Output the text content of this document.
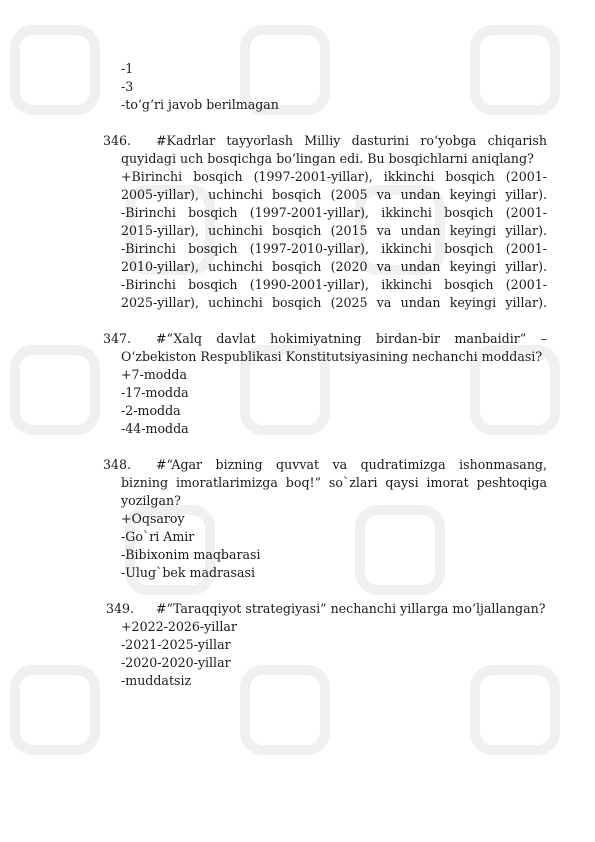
-1
-3
-to‘g‘ri javob berilmagan
346. #Kadrlar tayyorlash Milliy dasturini ro‘yobga chiqarish
quyidagi uch bosqichga bo‘lingan edi. Bu bosqichlarni aniqlang?
+Birinchi bosqich (1997-2001-yillar), ikkinchi bosqich (2001-
2005-yillar), uchinchi bosqich (2005 va undan keyingi yillar).
-Birinchi bosqich (1997-2001-yillar), ikkinchi bosqich (2001-
2015-yillar), uchinchi bosqich (2015 va undan keyingi yillar).
-Birinchi bosqich (1997-2010-yillar), ikkinchi bosqich (2001-
2010-yillar), uchinchi bosqich (2020 va undan keyingi yillar).
-Birinchi bosqich (1990-2001-yillar), ikkinchi bosqich (2001-
2025-yillar), uchinchi bosqich (2025 va undan keyingi yillar).
347. #“Xalq davlat hokimiyatning birdan-bir manbaidir” –
O‘zbekiston Respublikasi Konstitutsiyasining nechanchi moddasi?
+7-modda
-17-modda
-2-modda
-44-modda
348. #“Agar bizning quvvat va qudratimizga ishonmasang,
bizning imoratlarimizga boq!” so`zlari qaysi imorat peshtoqiga
yozilgan?
+Oqsaroy
-Go`ri Amir
-Bibixonim maqbarasi
-Ulug`bek madrasasi
349. #“Taraqqiyot strategiyasi” nechanchi yillarga mo‘ljallangan?
+2022-2026-yillar
-2021-2025-yillar
-2020-2020-yillar
-muddatsiz
